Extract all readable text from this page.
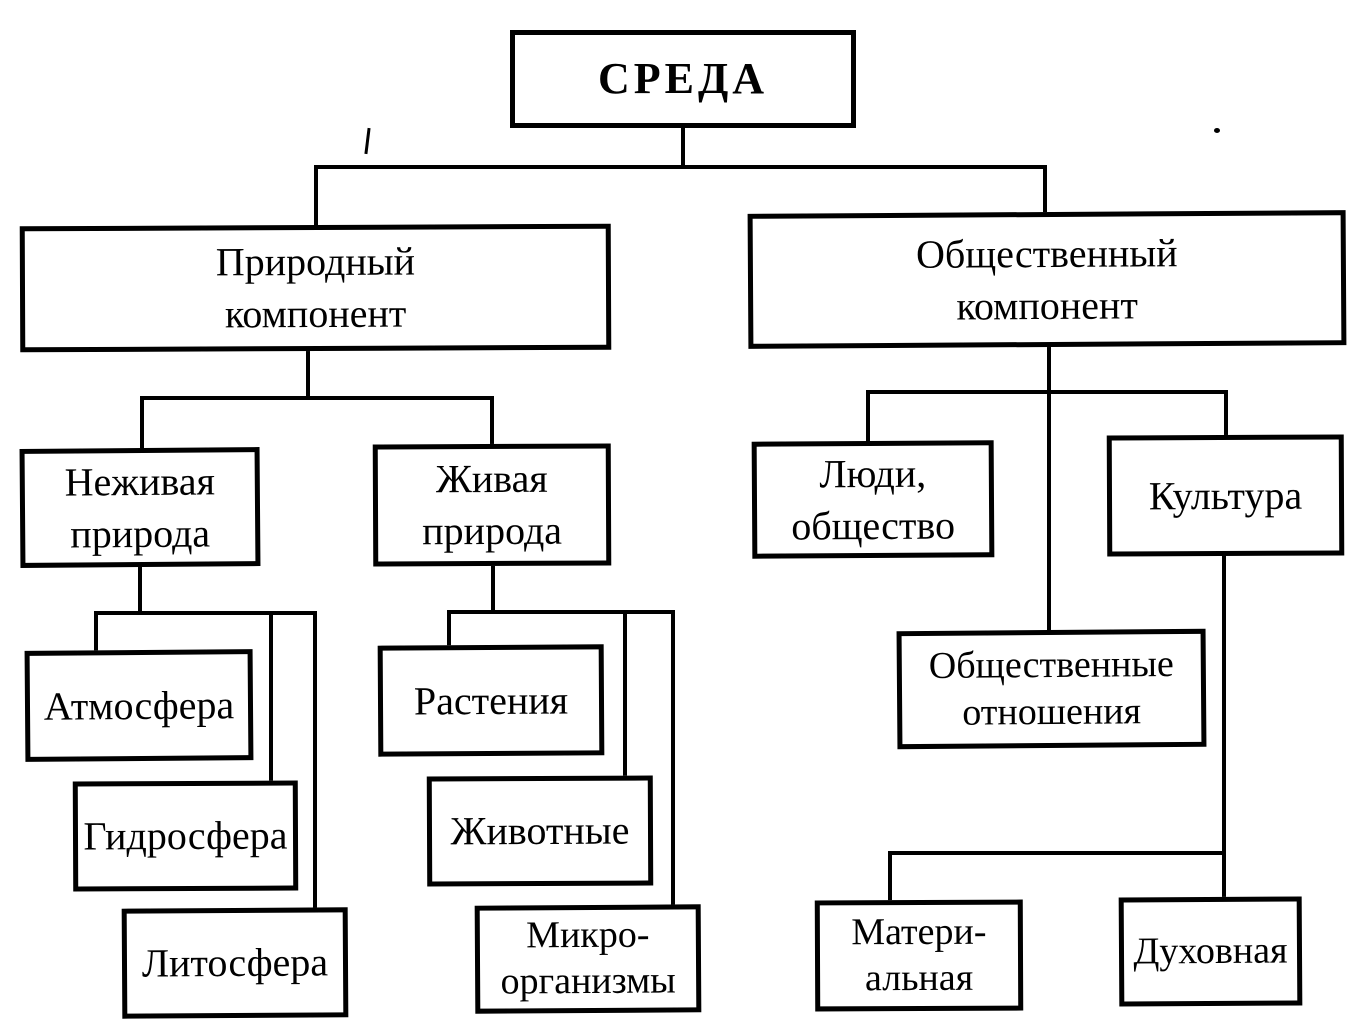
СРЕДА
Природный
компонент
Общественный
компонент
Неживая
природа
Живая
природа
Люди,
общество
Культура
Атмосфера
Гидросфера
Литосфера
Растения
Животные
Микро-
организмы
Общественные
отношения
Матери-
альная
Духовная
